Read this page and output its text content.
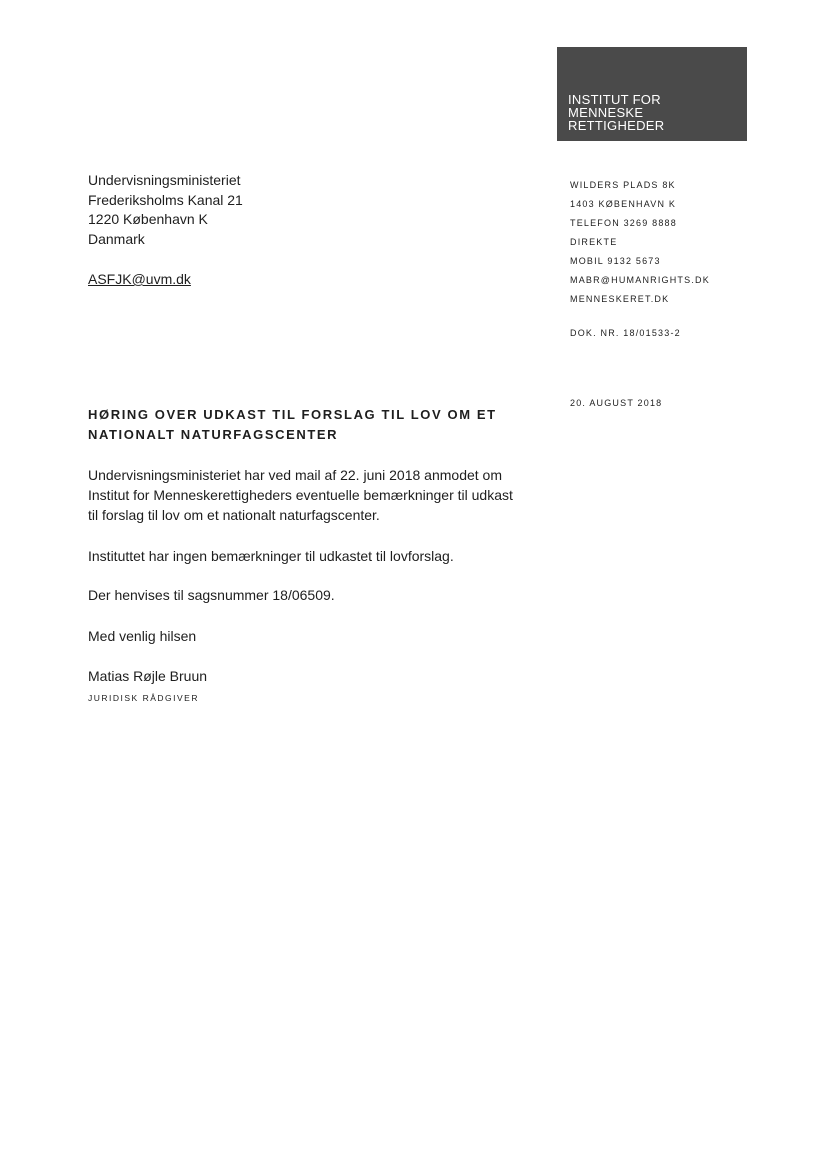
INSTITUT FOR
MENNESKE
RETTIGHEDER
Undervisningsministeriet
Frederiksholms Kanal 21
1220 København K
Danmark
ASFJK@uvm.dk
WILDERS PLADS 8K
1403 KØBENHAVN K
TELEFON 3269 8888
DIREKTE
MOBIL 9132 5673
MABR@HUMANRIGHTS.DK
MENNESKERET.DK
DOK. NR. 18/01533-2
20. AUGUST 2018
HØRING OVER UDKAST TIL FORSLAG TIL LOV OM ET
NATIONALT NATURFAGSCENTER
Undervisningsministeriet har ved mail af 22. juni 2018 anmodet om
Institut for Menneskerettigheders eventuelle bemærkninger til udkast
til forslag til lov om et nationalt naturfagscenter.
Instituttet har ingen bemærkninger til udkastet til lovforslag.
Der henvises til sagsnummer 18/06509.
Med venlig hilsen
Matias Røjle Bruun
JURIDISK RÅDGIVER
